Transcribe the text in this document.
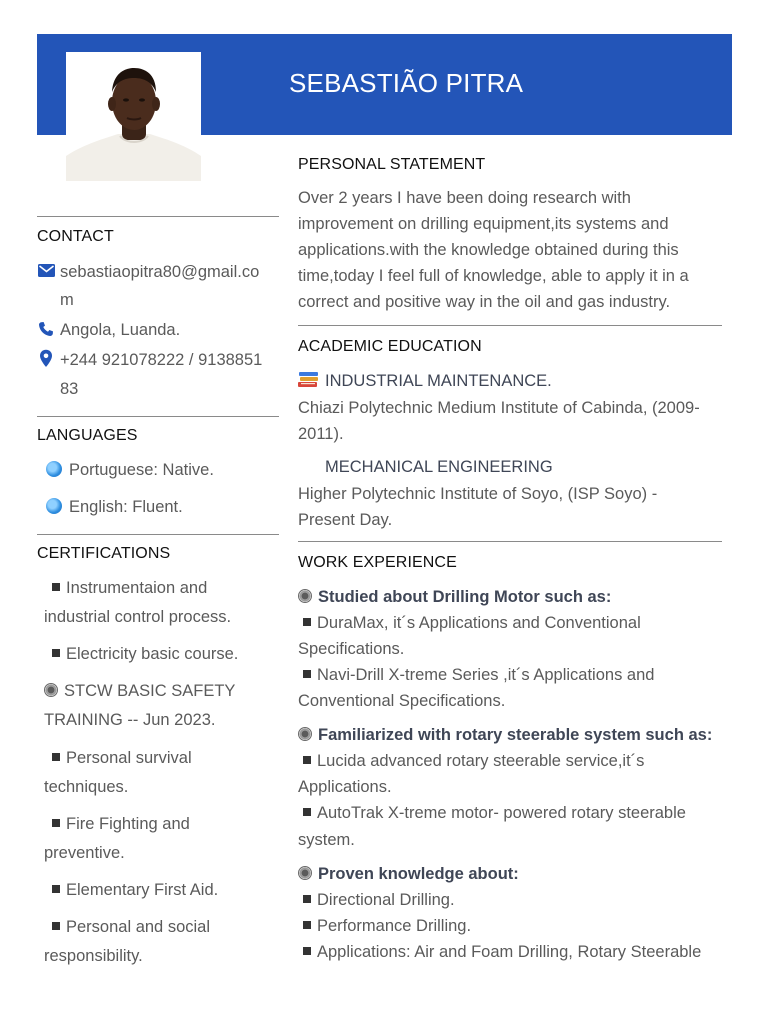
SEBASTIÃO PITRA
CONTACT
sebastiaopitra80@gmail.co
m
Angola, Luanda.
+244 921078222 / 9138851
83
LANGUAGES
Portuguese: Native.
English: Fluent.
CERTIFICATIONS
Instrumentaion and
industrial control process.
Electricity basic course.
STCW BASIC SAFETY
TRAINING -- Jun 2023.
Personal survival
techniques.
Fire Fighting and
preventive.
Elementary First Aid.
Personal and social
responsibility.
PERSONAL STATEMENT
Over 2 years I have been doing research with
improvement on drilling equipment,its systems and
applications.with the knowledge obtained during this
time,today I feel full of knowledge, able to apply it in a
correct and positive way in the oil and gas industry.
ACADEMIC EDUCATION
INDUSTRIAL MAINTENANCE.
Chiazi Polytechnic Medium Institute of Cabinda, (2009-
2011).
MECHANICAL ENGINEERING
Higher Polytechnic Institute of Soyo, (ISP Soyo) -
Present Day.
WORK EXPERIENCE
Studied about Drilling Motor such as:
DuraMax, it´s Applications and Conventional
Specifications.
Navi-Drill X-treme Series ,it´s Applications and
Conventional Specifications.
Familiarized with rotary steerable system such as:
Lucida advanced rotary steerable service,it´s
Applications.
AutoTrak X-treme motor- powered rotary steerable
system.
Proven knowledge about:
Directional Drilling.
Performance Drilling.
Applications: Air and Foam Drilling, Rotary Steerable
